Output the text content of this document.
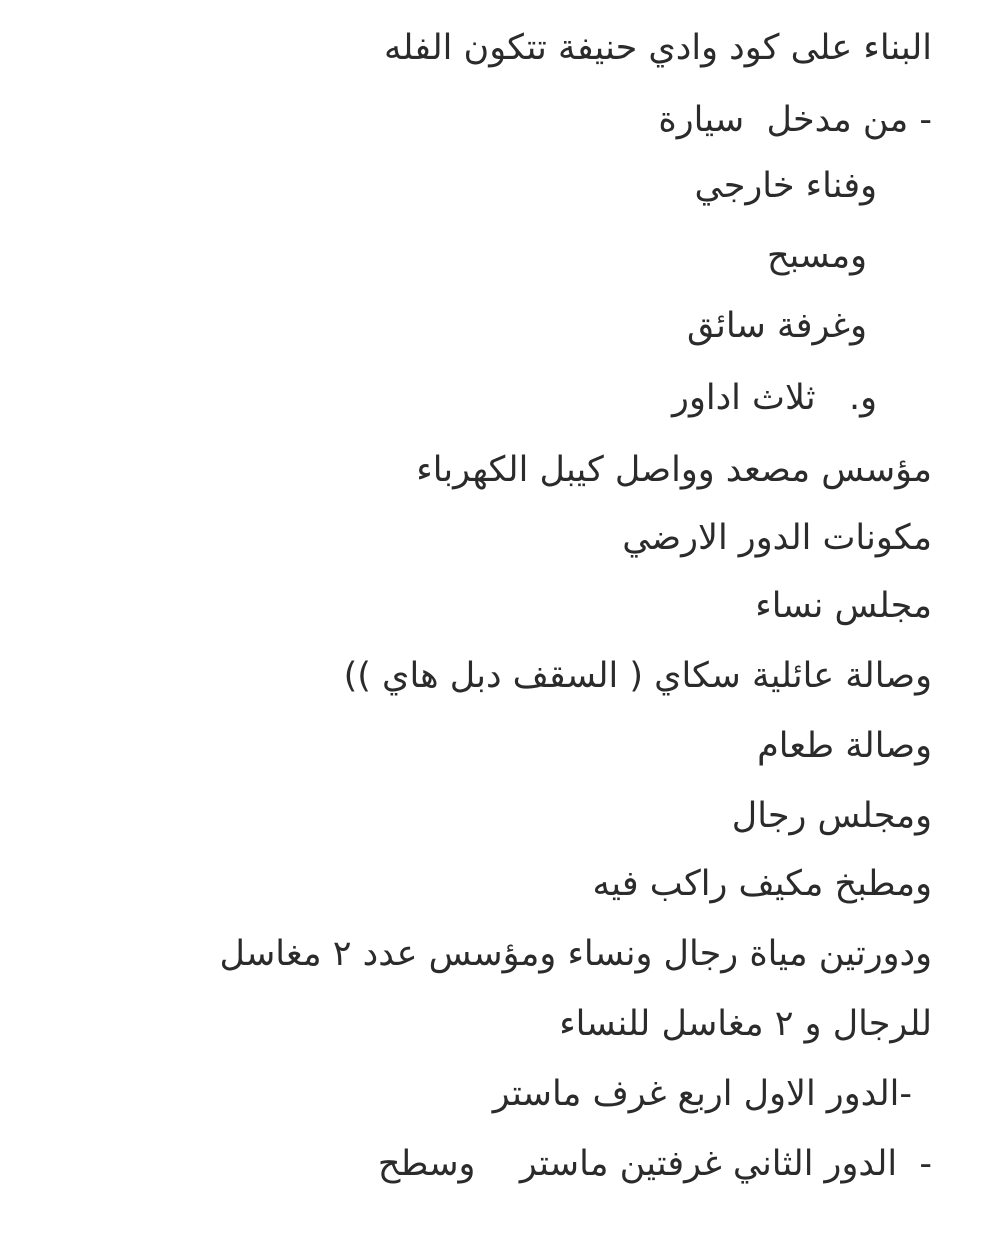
البناء على كود وادي حنيفة تتكون الفله
- من مدخل  سيارة
وفناء خارجي
ومسبح
وغرفة سائق
و.   ثلاث اداور
مؤسس مصعد وواصل كيبل الكهرباء
مكونات الدور الارضي
مجلس نساء
وصالة عائلية سكاي ( السقف دبل هاي ))
وصالة طعام
ومجلس رجال
ومطبخ مكيف راكب فيه
ودورتين مياة رجال ونساء ومؤسس عدد ٢ مغاسل
للرجال و ٢ مغاسل للنساء
-الدور الاول اربع غرف ماستر
-  الدور الثاني غرفتين ماستر    وسطح
